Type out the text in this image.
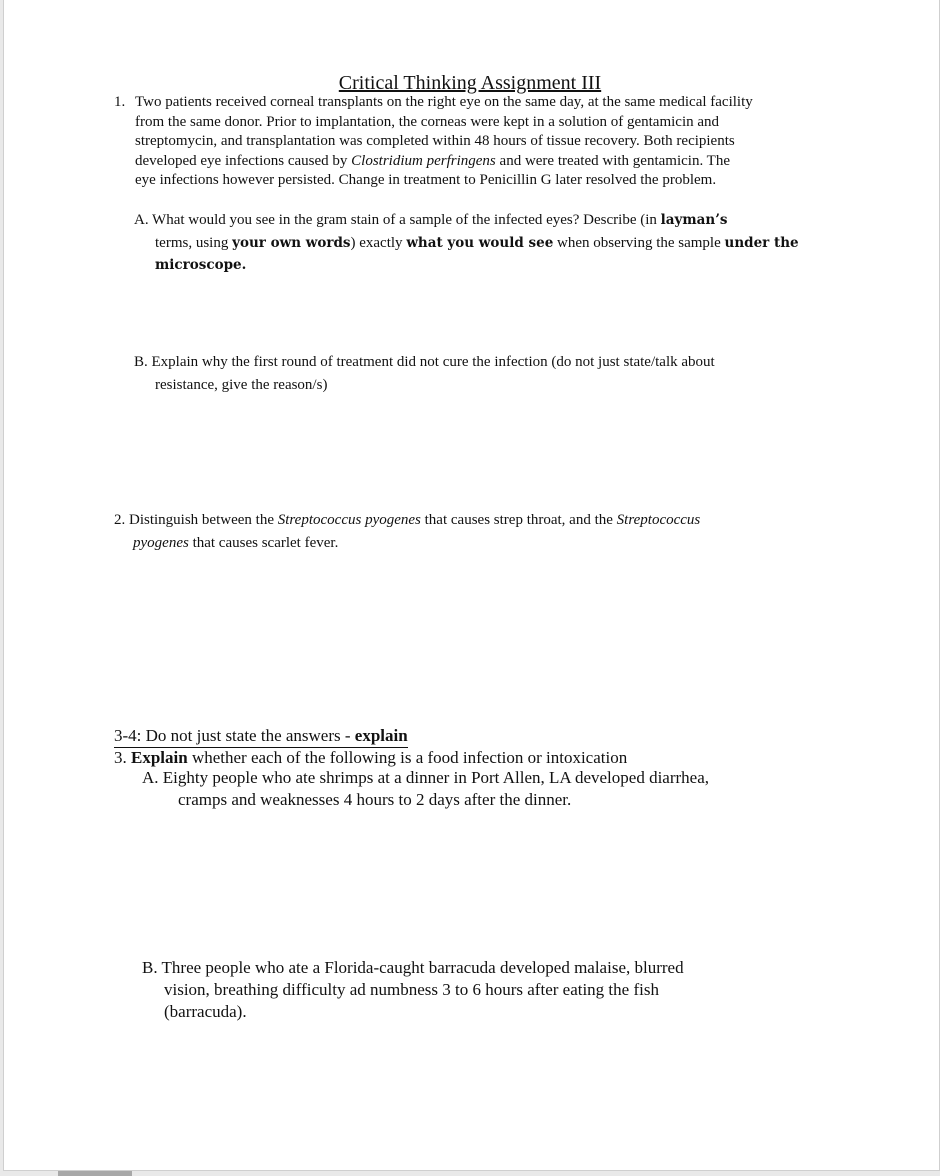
Critical Thinking Assignment III
1. Two patients received corneal transplants on the right eye on the same day, at the same medical facility
from the same donor. Prior to implantation, the corneas were kept in a solution of gentamicin and
streptomycin, and transplantation was completed within 48 hours of tissue recovery. Both recipients
developed eye infections caused by Clostridium perfringens and were treated with gentamicin. The
eye infections however persisted. Change in treatment to Penicillin G later resolved the problem.
A. What would you see in the gram stain of a sample of the infected eyes? Describe (in layman’s
terms, using your own words) exactly what you would see when observing the sample under the
microscope.
B. Explain why the first round of treatment did not cure the infection (do not just state/talk about
resistance, give the reason/s)
2. Distinguish between the Streptococcus pyogenes that causes strep throat, and the Streptococcus
pyogenes that causes scarlet fever.
3-4: Do not just state the answers - explain
3. Explain whether each of the following is a food infection or intoxication
A. Eighty people who ate shrimps at a dinner in Port Allen, LA developed diarrhea,
cramps and weaknesses 4 hours to 2 days after the dinner.
B. Three people who ate a Florida-caught barracuda developed malaise, blurred
vision, breathing difficulty ad numbness 3 to 6 hours after eating the fish
(barracuda).
